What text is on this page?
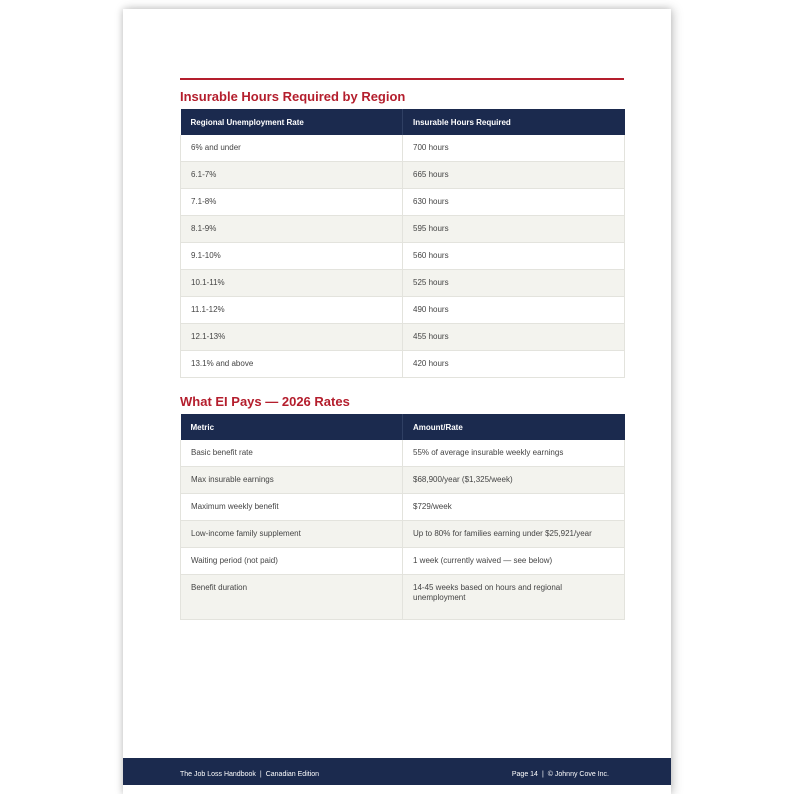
Insurable Hours Required by Region
Regional Unemployment Rate	Insurable Hours Required
6% and under	700 hours
6.1-7%	665 hours
7.1-8%	630 hours
8.1-9%	595 hours
9.1-10%	560 hours
10.1-11%	525 hours
11.1-12%	490 hours
12.1-13%	455 hours
13.1% and above	420 hours
What EI Pays — 2026 Rates
Metric	Amount/Rate
Basic benefit rate	55% of average insurable weekly earnings
Max insurable earnings	$68,900/year ($1,325/week)
Maximum weekly benefit	$729/week
Low-income family supplement	Up to 80% for families earning under $25,921/year
Waiting period (not paid)	1 week (currently waived — see below)
Benefit duration	14-45 weeks based on hours and regional unemployment
The Job Loss Handbook | Canadian Edition	Page 14 | © Johnny Cove Inc.
